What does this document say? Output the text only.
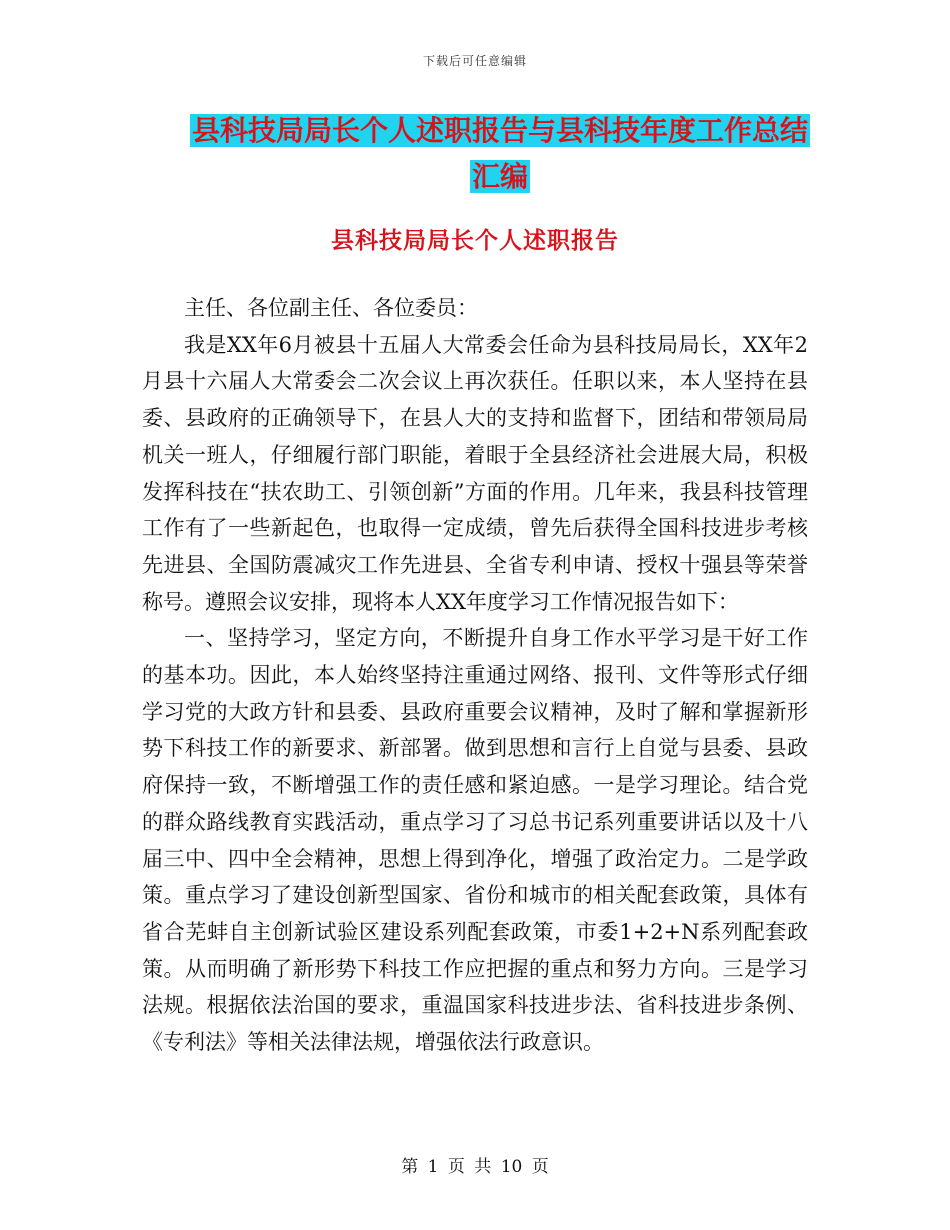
下载后可任意编辑
县科技局局长个人述职报告与县科技年度工作总结汇编
县科技局局长个人述职报告

主任、各位副主任、各位委员：

我是XX年6月被县十五届人大常委会任命为县科技局局长，XX年2月县十六届人大常委会二次会议上再次获任。任职以来，本人坚持在县委、县政府的正确领导下，在县人大的支持和监督下，团结和带领局局机关一班人，仔细履行部门职能，着眼于全县经济社会进展大局，积极发挥科技在“扶农助工、引领创新”方面的作用。几年来，我县科技管理工作有了一些新起色，也取得一定成绩，曾先后获得全国科技进步考核先进县、全国防震减灾工作先进县、全省专利申请、授权十强县等荣誉称号。遵照会议安排，现将本人XX年度学习工作情况报告如下：

一、坚持学习，坚定方向，不断提升自身工作水平学习是干好工作的基本功。因此，本人始终坚持注重通过网络、报刊、文件等形式仔细学习党的大政方针和县委、县政府重要会议精神，及时了解和掌握新形势下科技工作的新要求、新部署。做到思想和言行上自觉与县委、县政府保持一致，不断增强工作的责任感和紧迫感。一是学习理论。结合党的群众路线教育实践活动，重点学习了习总书记系列重要讲话以及十八届三中、四中全会精神，思想上得到净化，增强了政治定力。二是学政策。重点学习了建设创新型国家、省份和城市的相关配套政策，具体有省合芜蚌自主创新试验区建设系列配套政策，市委1+2+N系列配套政策。从而明确了新形势下科技工作应把握的重点和努力方向。三是学习法规。根据依法治国的要求，重温国家科技进步法、省科技进步条例、《专利法》等相关法律法规，增强依法行政意识。

第 1 页 共 10 页
